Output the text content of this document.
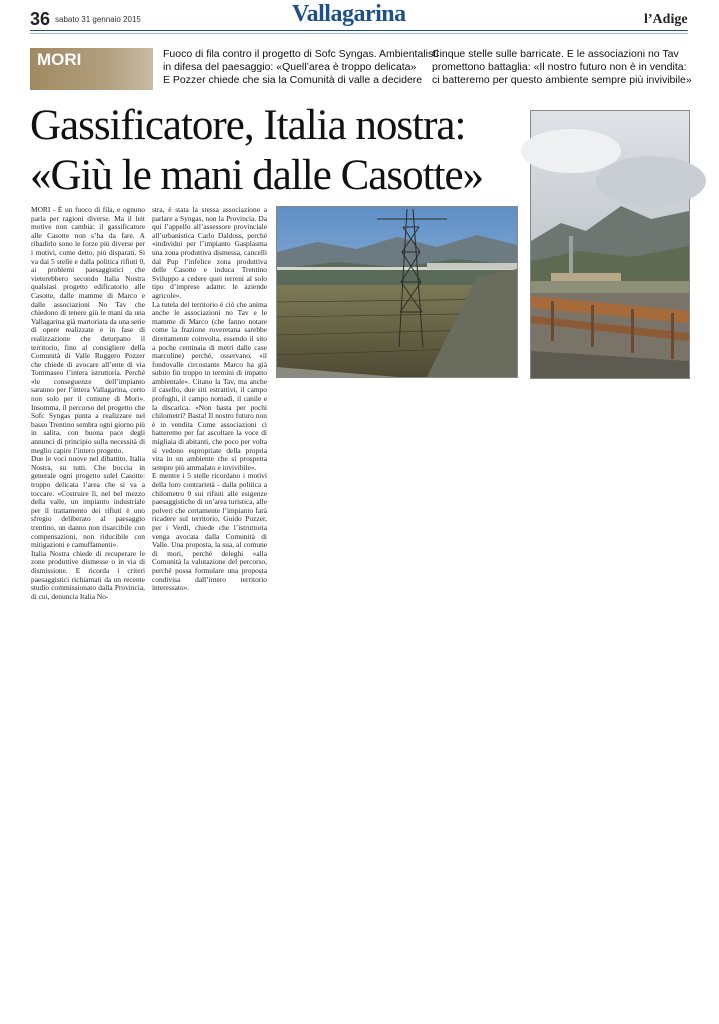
36 sabato 31 gennaio 2015	Vallagarina	l’Adige
MORI	Fuoco di fila contro il progetto di Sofc Syngas. Ambientalisti
in difesa del paesaggio: «Quell’area è troppo delicata»
E Pozzer chiede che sia la Comunità di valle a decidere
Cinque stelle sulle barricate. E le associazioni no Tav
promettono battaglia: «Il nostro futuro non è in vendita:
ci batteremo per questo ambiente sempre più invivibile»
Gassificatore, Italia nostra:
«Giù le mani dalle Casotte»

MORI - È un fuoco di fila, e ognuno parla per ragioni diverse. Ma il leit motive non cambia: il gassificatore alle Casotte non s’ha da fare. A ribadirlo sono le forze più diverse per i motivi, come detto, più disparati. Si va dai 5 stelle e dalla politica rifiuti 0, ai problemi paesaggistici che vieterebbero secondo Italia Nostra qualsiasi progetto edificatorio alle Casotte, dalle mamme di Marco e dalle associazioni No Tav che chiedono di tenere giù le mani da una Vallagarina già martoriata da una serie di opere realizzate e in fase di realizzazione che deturpano il territorio, fino al consigliere della Comunità di Valle Ruggero Pozzer che chiede di avocare all’ente di via Tommaseo l’intera istruttoria. Perché «le conseguenze dell’impianto saranno per l’intera Vallagarina, certo non solo per il comune di Mori». Insomma, il percorso del progetto che Sofc Syngas punta a realizzare nel basso Trentino sembra ogni giorno più in salita, con buona pace degli annunci di principio sulla necessità di meglio capire l’intero progetto.

Due le voci nuove nel dibattito. Italia Nostra, su tutti. Che boccia in generale ogni progetto sulel Casotte: troppo delicata l’area che si va a toccare. «Costruire lì, nel bel mezzo della valle, un impianto industriale per il trattamento dei rifiuti è uno sfregio deliberato al paesaggio trentino, un danno non risarcibile con compensazioni, non riducibile con mitigazioni e camuffamenti».

Italia Nostra chiede di recuperare le zone produttive dismesse o in via di dismissione. E ricorda i criteri paesaggistici richiamati da un recente studio commissionato dalla Provincia, di cui, denuncia Italia No-

stra, è stata la stessa associazione a parlare a Syngas, non la Provincia. Da qui l’appello all’assessore provinciale all’urbanistica Carlo Daldoss, perché «individui per l’impianto Gasplasma una zona produttiva dismessa, cancelli dal Pup l’infelice zona produttiva delle Casotte e induca Trentino Sviluppo a cedere quei terreni al solo tipo d’imprese adatte: le aziende agricole».

La tutela del territorio è ciò che anima anche le associazioni no Tav e le mamme di Marco (che fanno notare come la frazione roveretana sarebbe direttamente coinvolta, essendo il sito a poche centinaia di metri dalle case marcoline) perché, osservano, «il fondovalle circostante Marco ha già subito fin troppo in termini di impatto ambientale». Citano la Tav, ma anche il casello, due siti estrattivi, il campo profughi, il campo nomadi, il canile e la discarica. «Non basta per pochi chilometri? Basta! Il nostro futuro non è in vendita Come associazioni ci batteremo per far ascoltare la voce di migliaia di abitanti, che poco per volta si vedono espropriate della propria vita in un ambiente che si prospetta sempre più ammalato e invivibile».

E mentre i 5 stelle ricordano i motivi della loro contrarietà - dalla politica a chilometro 0 sui rifiuti alle esigenze paesaggistiche di un’area turistica, alle polveri che certamente l’impianto farà ricadere sul territorio, Guido Pozzer, per i Verdi, chiede che l’istruttoria venga avocata dalla Comunità di Valle. Una proposta, la sua, al comune di mori, perché deleghi «alla Comunità la valutazione del percorso, perché possa formulare una proposta condivisa dall’intero territorio interessato».
